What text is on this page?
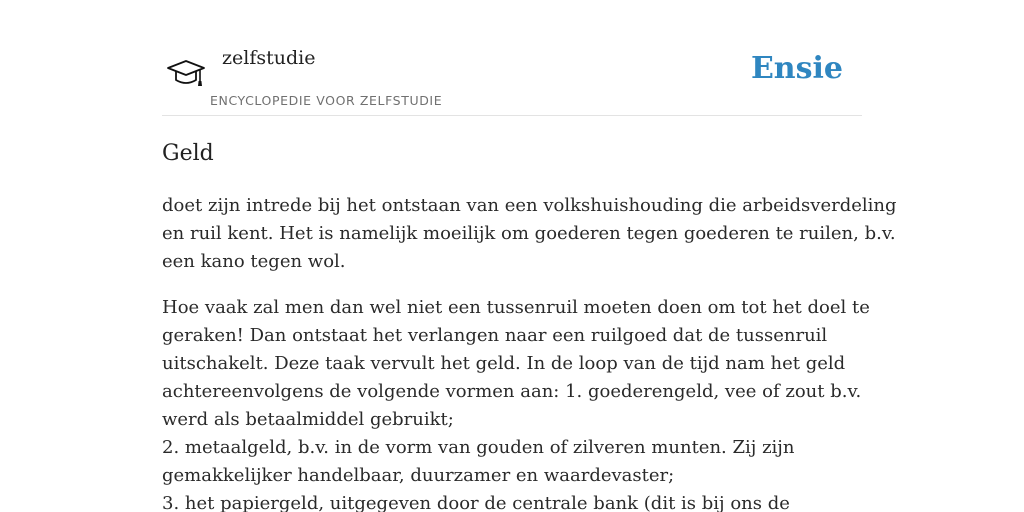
zelfstudie
ENCYCLOPEDIE VOOR ZELFSTUDIE
Ensie
Geld

doet zijn intrede bij het ontstaan van een volkshuishouding die arbeidsverdeling
en ruil kent. Het is namelijk moeilijk om goederen tegen goederen te ruilen, b.v.
een kano tegen wol.

Hoe vaak zal men dan wel niet een tussenruil moeten doen om tot het doel te
geraken! Dan ontstaat het verlangen naar een ruilgoed dat de tussenruil
uitschakelt. Deze taak vervult het geld. In de loop van de tijd nam het geld
achtereenvolgens de volgende vormen aan: 1. goederengeld, vee of zout b.v.
werd als betaalmiddel gebruikt;
2. metaalgeld, b.v. in de vorm van gouden of zilveren munten. Zij zijn
gemakkelijker handelbaar, duurzamer en waardevaster;
3. het papiergeld, uitgegeven door de centrale bank (dit is bij ons de
